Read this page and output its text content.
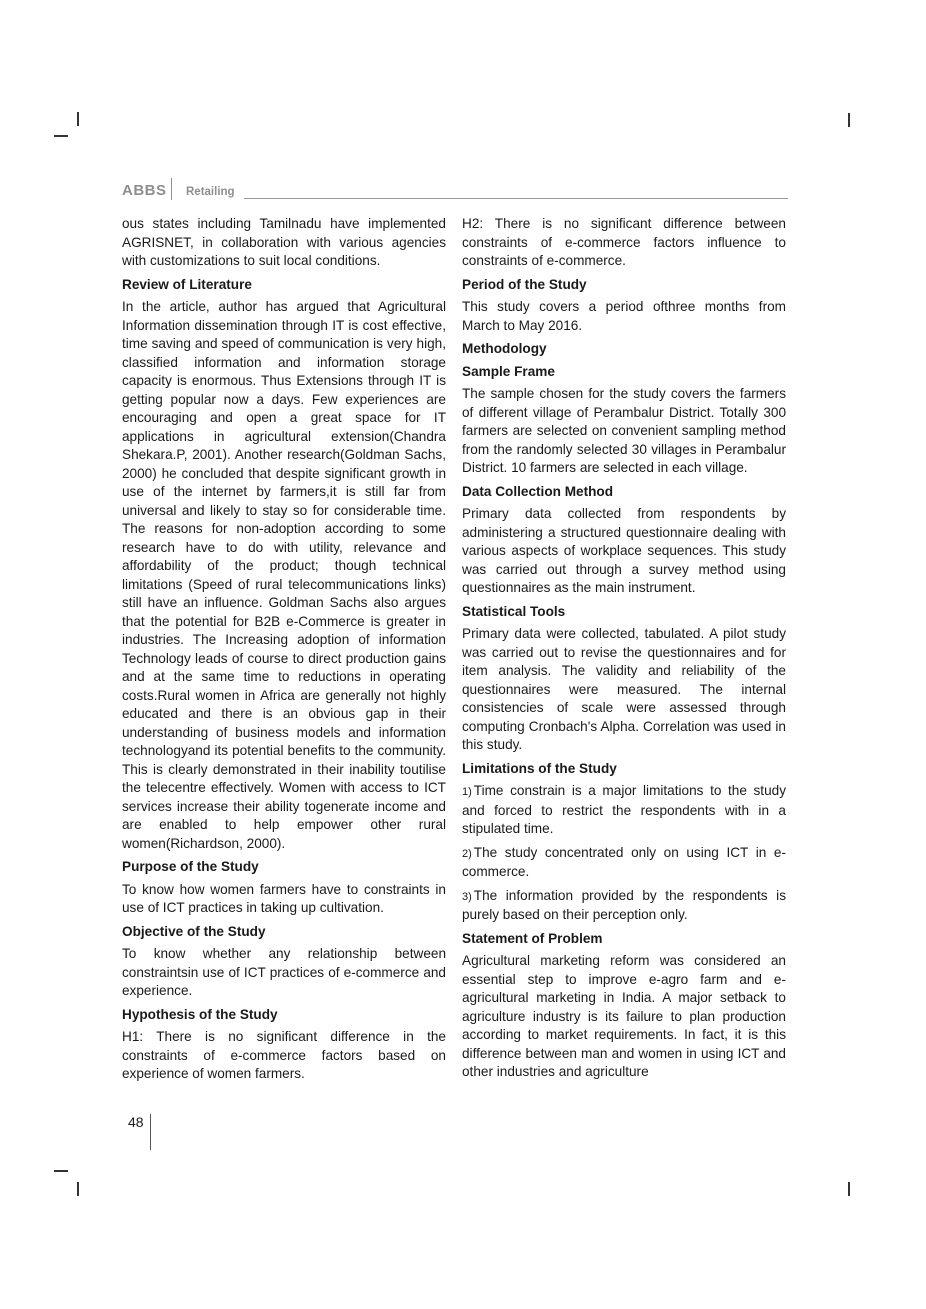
ABBS Retailing

ous states including Tamilnadu have implemented AGRISNET, in collaboration with various agencies with customizations to suit local conditions.

Review of Literature

In the article, author has argued that Agricultural Information dissemination through IT is cost effective, time saving and speed of communication is very high, classified information and information storage capacity is enormous. Thus Extensions through IT is getting popular now a days. Few experiences are encouraging and open a great space for IT applications in agricultural extension(Chandra Shekara.P, 2001). Another research(Goldman Sachs, 2000) he concluded that despite significant growth in use of the internet by farmers,it is still far from universal and likely to stay so for considerable time. The reasons for non-adoption according to some research have to do with utility, relevance and affordability of the product; though technical limitations (Speed of rural telecommunications links) still have an influence. Goldman Sachs also argues that the potential for B2B e-Commerce is greater in industries. The Increasing adoption of information Technology leads of course to direct production gains and at the same time to reductions in operating costs.Rural women in Africa are generally not highly educated and there is an obvious gap in their understanding of business models and information technologyand its potential benefits to the community. This is clearly demonstrated in their inability toutilise the telecentre effectively. Women with access to ICT services increase their ability togenerate income and are enabled to help empower other rural women(Richardson, 2000).

Purpose of the Study

To know how women farmers have to constraints in use of ICT practices in taking up cultivation.

Objective of the Study

To know whether any relationship between constraintsin use of ICT practices of e-commerce and experience.

Hypothesis of the Study

H1: There is no significant difference in the constraints of e-commerce factors based on experience of women farmers.

H2: There is no significant difference between constraints of e-commerce factors influence to constraints of e-commerce.

Period of the Study

This study covers a period ofthree months from March to May 2016.

Methodology
Sample Frame

The sample chosen for the study covers the farmers of different village of Perambalur District. Totally 300 farmers are selected on convenient sampling method from the randomly selected 30 villages in Perambalur District. 10 farmers are selected in each village.

Data Collection Method

Primary data collected from respondents by administering a structured questionnaire dealing with various aspects of workplace sequences. This study was carried out through a survey method using questionnaires as the main instrument.

Statistical Tools

Primary data were collected, tabulated. A pilot study was carried out to revise the questionnaires and for item analysis. The validity and reliability of the questionnaires were measured. The internal consistencies of scale were assessed through computing Cronbach's Alpha. Correlation was used in this study.

Limitations of the Study

1) Time constrain is a major limitations to the study and forced to restrict the respondents with in a stipulated time.

2) The study concentrated only on using ICT in e-commerce.

3) The information provided by the respondents is purely based on their perception only.

Statement of Problem

Agricultural marketing reform was considered an essential step to improve e-agro farm and e-agricultural marketing in India. A major setback to agriculture industry is its failure to plan production according to market requirements. In fact, it is this difference between man and women in using ICT and other industries and agriculture

48
